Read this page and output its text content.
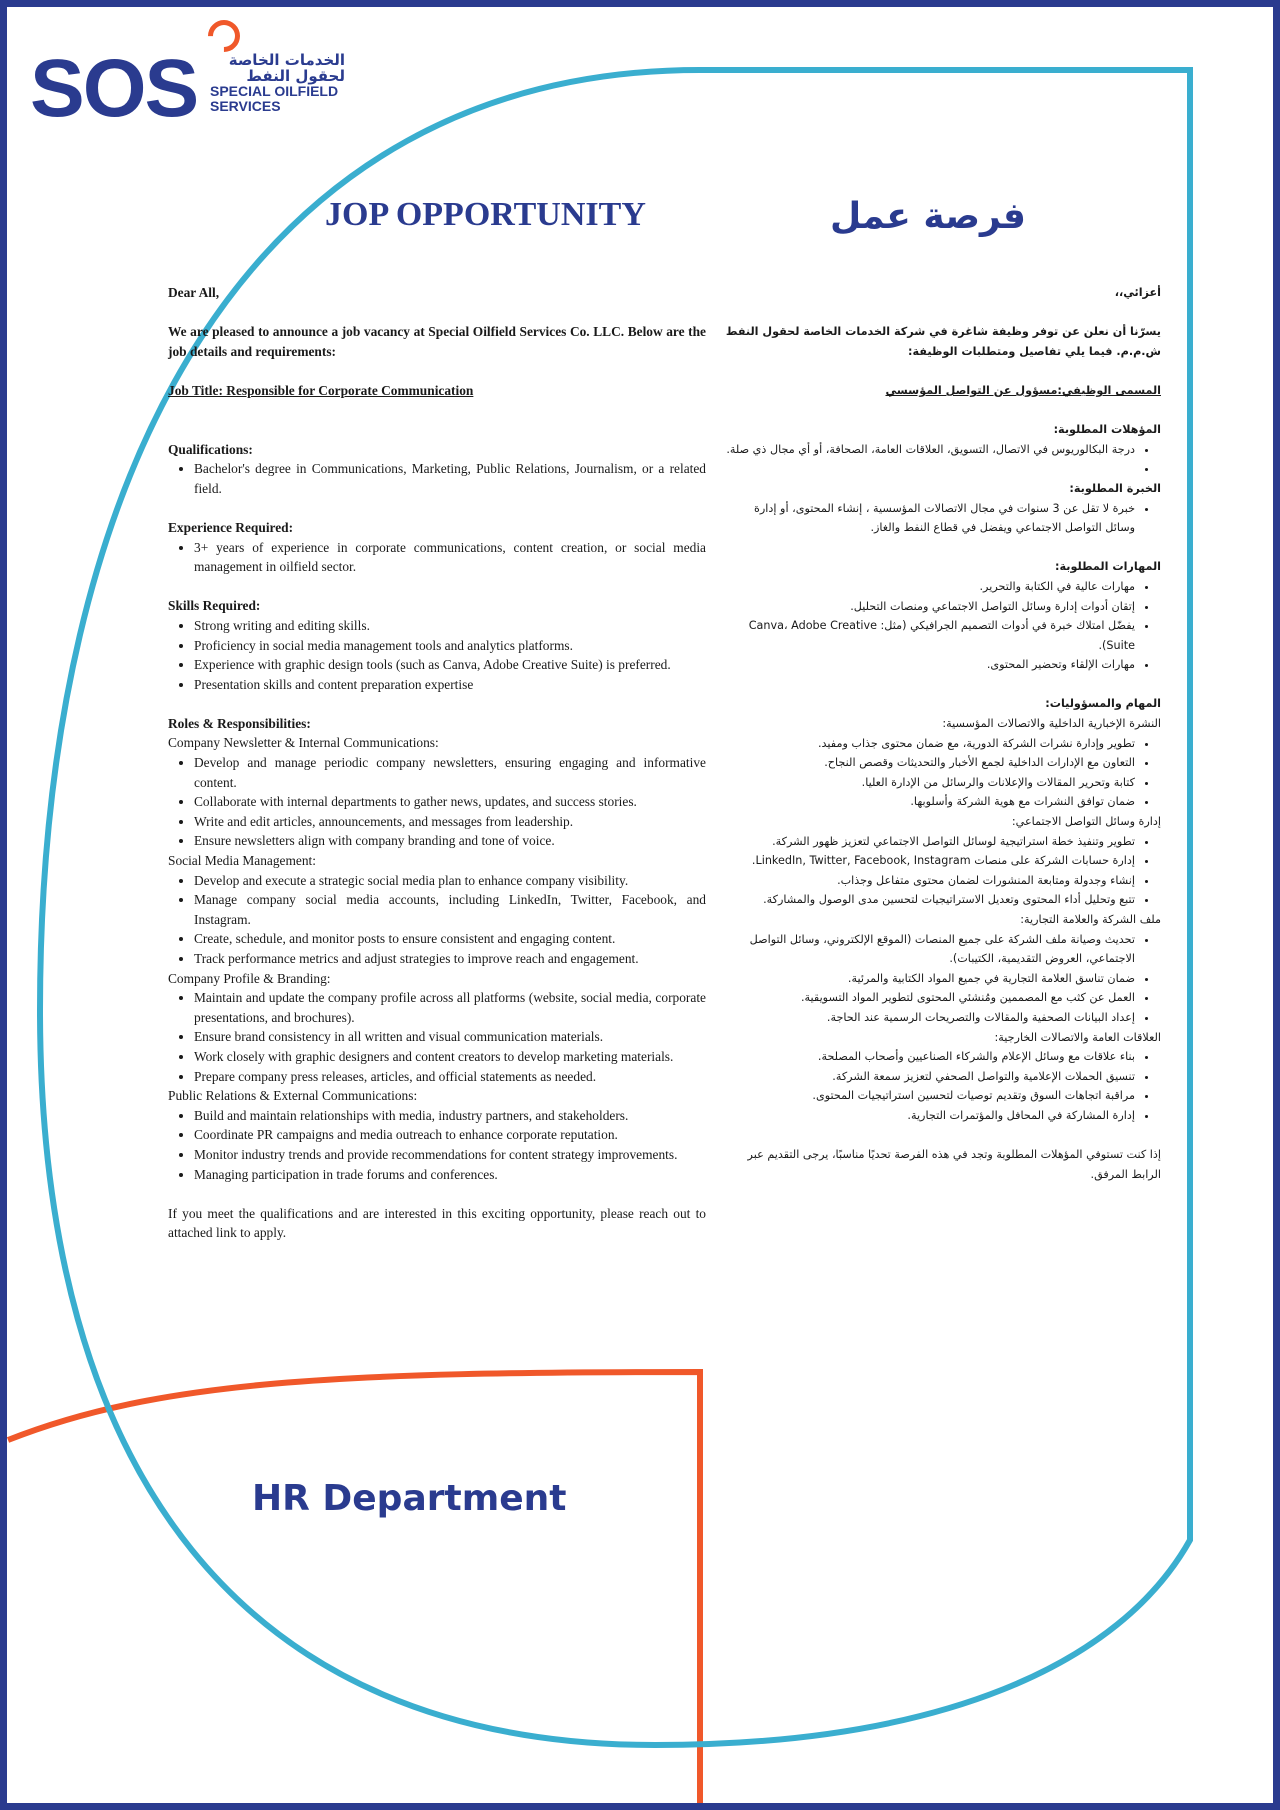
SOS	الخدمات الخاصة لحقول النفط
SPECIAL OILFIELD
SERVICES
JOP OPPORTUNITY	فرصة عمل

Dear All,

We are pleased to announce a job vacancy at Special Oilfield Services Co. LLC. Below are the job details and requirements:

Job Title: Responsible for Corporate Communication

Qualifications:

• Bachelor's degree in Communications, Marketing, Public Relations, Journalism, or a related field.

Experience Required:

• 3+ years of experience in corporate communications, content creation, or social media management in oilfield sector.

Skills Required:

• Strong writing and editing skills.
• Proficiency in social media management tools and analytics platforms.
• Experience with graphic design tools (such as Canva, Adobe Creative Suite) is preferred.
• Presentation skills and content preparation expertise

Roles & Responsibilities:

Company Newsletter & Internal Communications:

• Develop and manage periodic company newsletters, ensuring engaging and informative content.
• Collaborate with internal departments to gather news, updates, and success stories.
• Write and edit articles, announcements, and messages from leadership.
• Ensure newsletters align with company branding and tone of voice.

Social Media Management:

• Develop and execute a strategic social media plan to enhance company visibility.
• Manage company social media accounts, including LinkedIn, Twitter, Facebook, and Instagram.
• Create, schedule, and monitor posts to ensure consistent and engaging content.
• Track performance metrics and adjust strategies to improve reach and engagement.

Company Profile & Branding:

• Maintain and update the company profile across all platforms (website, social media, corporate presentations, and brochures).
• Ensure brand consistency in all written and visual communication materials.
• Work closely with graphic designers and content creators to develop marketing materials.
• Prepare company press releases, articles, and official statements as needed.

Public Relations & External Communications:

• Build and maintain relationships with media, industry partners, and stakeholders.
• Coordinate PR campaigns and media outreach to enhance corporate reputation.
• Monitor industry trends and provide recommendations for content strategy improvements.
• Managing participation in trade forums and conferences.

If you meet the qualifications and are interested in this exciting opportunity, please reach out to attached link to apply.

أعزائي،،

يسرّنا أن نعلن عن توفر وظيفة شاغرة في شركة الخدمات الخاصة لحقول النفط ش.م.م. فيما يلي تفاصيل ومتطلبات الوظيفة:

المسمى الوظيفي:مسؤول عن التواصل المؤسسي

المؤهلات المطلوبة:

• درجة البكالوريوس في الاتصال، التسويق، العلاقات العامة، الصحافة، أو أي مجال ذي صلة.
•

الخبرة المطلوبة:

• خبرة لا تقل عن 3 سنوات في مجال الاتصالات المؤسسية ، إنشاء المحتوى، أو إدارة وسائل التواصل الاجتماعي ويفضل في قطاع النفط والغاز.

المهارات المطلوبة:

• مهارات عالية في الكتابة والتحرير.
• إتقان أدوات إدارة وسائل التواصل الاجتماعي ومنصات التحليل.
• يفضّل امتلاك خبرة في أدوات التصميم الجرافيكي (مثل: Canva، Adobe Creative Suite).
• مهارات الإلقاء وتحضير المحتوى.

المهام والمسؤوليات:

النشرة الإخبارية الداخلية والاتصالات المؤسسية:

• تطوير وإدارة نشرات الشركة الدورية، مع ضمان محتوى جذاب ومفيد.
• التعاون مع الإدارات الداخلية لجمع الأخبار والتحديثات وقصص النجاح.
• كتابة وتحرير المقالات والإعلانات والرسائل من الإدارة العليا.
• ضمان توافق النشرات مع هوية الشركة وأسلوبها.

إدارة وسائل التواصل الاجتماعي:

• تطوير وتنفيذ خطة استراتيجية لوسائل التواصل الاجتماعي لتعزيز ظهور الشركة.
• إدارة حسابات الشركة على منصات LinkedIn, Twitter, Facebook, Instagram.
• إنشاء وجدولة ومتابعة المنشورات لضمان محتوى متفاعل وجذاب.
• تتبع وتحليل أداء المحتوى وتعديل الاستراتيجيات لتحسين مدى الوصول والمشاركة.

ملف الشركة والعلامة التجارية:

• تحديث وصيانة ملف الشركة على جميع المنصات (الموقع الإلكتروني، وسائل التواصل الاجتماعي، العروض التقديمية، الكتيبات).
• ضمان تناسق العلامة التجارية في جميع المواد الكتابية والمرئية.
• العمل عن كثب مع المصممين ومُنشئي المحتوى لتطوير المواد التسويقية.
• إعداد البيانات الصحفية والمقالات والتصريحات الرسمية عند الحاجة.

العلاقات العامة والاتصالات الخارجية:

• بناء علاقات مع وسائل الإعلام والشركاء الصناعيين وأصحاب المصلحة.
• تنسيق الحملات الإعلامية والتواصل الصحفي لتعزيز سمعة الشركة.
• مراقبة اتجاهات السوق وتقديم توصيات لتحسين استراتيجيات المحتوى.
• إدارة المشاركة في المحافل والمؤتمرات التجارية.

إذا كنت تستوفي المؤهلات المطلوبة وتجد في هذه الفرصة تحديًا مناسبًا، يرجى التقديم عبر الرابط المرفق.

HR Department
